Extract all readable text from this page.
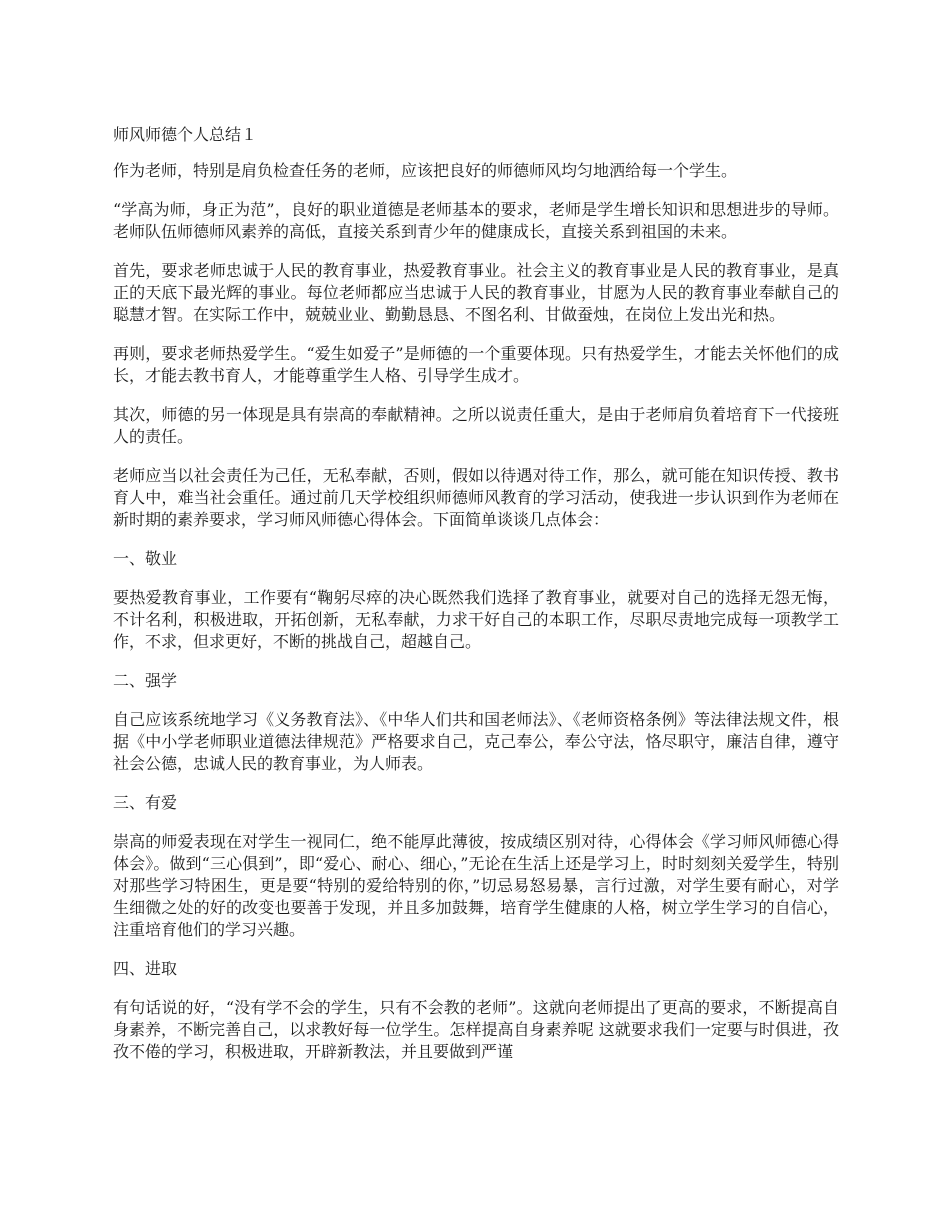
师风师德个人总结１

作为老师，特别是肩负检查任务的老师，应该把良好的师德师风均匀地洒给每一个学生。

“学高为师，身正为范”，良好的职业道德是老师基本的要求，老师是学生增长知识和思想进步的导师。老师队伍师德师风素养的高低，直接关系到青少年的健康成长，直接关系到祖国的未来。

首先，要求老师忠诚于人民的教育事业，热爱教育事业。社会主义的教育事业是人民的教育事业，是真正的天底下最光辉的事业。每位老师都应当忠诚于人民的教育事业，甘愿为人民的教育事业奉献自己的聪慧才智。在实际工作中，兢兢业业、勤勤恳恳、不图名利、甘做蚕烛，在岗位上发出光和热。

再则，要求老师热爱学生。“爱生如爱子”是师德的一个重要体现。只有热爱学生，才能去关怀他们的成长，才能去教书育人，才能尊重学生人格、引导学生成才。

其次，师德的另一体现是具有崇高的奉献精神。之所以说责任重大，是由于老师肩负着培育下一代接班人的责任。

老师应当以社会责任为己任，无私奉献，否则，假如以待遇对待工作，那么，就可能在知识传授、教书育人中，难当社会重任。通过前几天学校组织师德师风教育的学习活动，使我进一步认识到作为老师在新时期的素养要求，学习师风师德心得体会。下面简单谈谈几点体会：

一、敬业

要热爱教育事业，工作要有“鞠躬尽瘁的决心既然我们选择了教育事业，就要对自己的选择无怨无悔，不计名利，积极进取，开拓创新，无私奉献，力求干好自己的本职工作，尽职尽责地完成每一项教学工作，不求，但求更好，不断的挑战自己，超越自己。

二、强学

自己应该系统地学习《义务教育法》、《中华人们共和国老师法》、《老师资格条例》等法律法规文件，根据《中小学老师职业道德法律规范》严格要求自己，克己奉公，奉公守法，恪尽职守，廉洁自律，遵守社会公德，忠诚人民的教育事业，为人师表。

三、有爱

崇高的师爱表现在对学生一视同仁，绝不能厚此薄彼，按成绩区别对待，心得体会《学习师风师德心得体会》。做到“三心俱到”，即“爱心、耐心、细心，”无论在生活上还是学习上，时时刻刻关爱学生，特别对那些学习特困生，更是要“特别的爱给特别的你，”切忌易怒易暴，言行过激，对学生要有耐心，对学生细微之处的好的改变也要善于发现，并且多加鼓舞，培育学生健康的人格，树立学生学习的自信心，注重培育他们的学习兴趣。

四、进取

有句话说的好，“没有学不会的学生，只有不会教的老师”。这就向老师提出了更高的要求，不断提高自身素养，不断完善自己，以求教好每一位学生。怎样提高自身素养呢 这就要求我们一定要与时俱进，孜孜不倦的学习，积极进取，开辟新教法，并且要做到严谨
